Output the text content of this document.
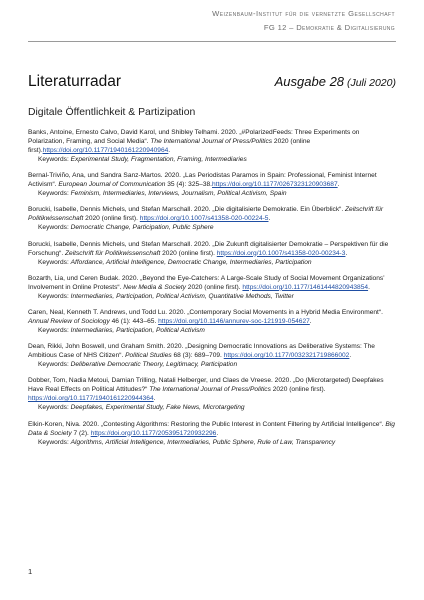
Weizenbaum-Institut für die vernetzte Gesellschaft
FG 12 – Demokratie & Digitalisierung
Literaturradar	Ausgabe 28 (Juli 2020)
Digitale Öffentlichkeit & Partizipation
Banks, Antoine, Ernesto Calvo, David Karol, und Shibley Telhami. 2020. „#PolarizedFeeds: Three Experiments on Polarization, Framing, and Social Media“. The International Journal of Press/Politics 2020 (online first).https://doi.org/10.1177/1940161220940964.
Keywords: Experimental Study, Fragmentation, Framing, Intermediaries
Bernal-Triviño, Ana, und Sandra Sanz-Martos. 2020. „Las Periodistas Paramos in Spain: Professional, Feminist Internet Activism“. European Journal of Communication 35 (4): 325–38.https://doi.org/10.1177/0267323120903687.
Keywords: Feminism, Intermediaries, Interviews, Journalism, Political Activism, Spain
Borucki, Isabelle, Dennis Michels, und Stefan Marschall. 2020. „Die digitalisierte Demokratie. Ein Überblick“. Zeitschrift für Politikwissenschaft 2020 (online first). https://doi.org/10.1007/s41358-020-00224-5.
Keywords: Democratic Change, Participation, Public Sphere
Borucki, Isabelle, Dennis Michels, und Stefan Marschall. 2020. „Die Zukunft digitalisierter Demokratie – Perspektiven für die Forschung“. Zeitschrift für Politikwissenschaft 2020 (online first). https://doi.org/10.1007/s41358-020-00234-3.
Keywords: Affordance, Artificial Intelligence, Democratic Change, Intermediaries, Participation
Bozarth, Lia, und Ceren Budak. 2020. „Beyond the Eye-Catchers: A Large-Scale Study of Social Movement Organizations’ Involvement in Online Protests“. New Media & Society 2020 (online first). https://doi.org/10.1177/1461444820943854.
Keywords: Intermediaries, Participation, Political Activism, Quantitative Methods, Twitter
Caren, Neal, Kenneth T. Andrews, und Todd Lu. 2020. „Contemporary Social Movements in a Hybrid Media Environment“. Annual Review of Sociology 46 (1): 443–65. https://doi.org/10.1146/annurev-soc-121919-054627.
Keywords: Intermediaries, Participation, Political Activism
Dean, Rikki, John Boswell, und Graham Smith. 2020. „Designing Democratic Innovations as Deliberative Systems: The Ambitious Case of NHS Citizen“. Political Studies 68 (3): 689–709. https://doi.org/10.1177/0032321719866002.
Keywords: Deliberative Democratic Theory, Legitimacy, Participation
Dobber, Tom, Nadia Metoui, Damian Trilling, Natali Helberger, und Claes de Vreese. 2020. „Do (Microtargeted) Deepfakes Have Real Effects on Political Attitudes?“ The International Journal of Press/Politics 2020 (online first). https://doi.org/10.1177/1940161220944364.
Keywords: Deepfakes, Experimental Study, Fake News, Microtargeting
Elkin-Koren, Niva. 2020. „Contesting Algorithms: Restoring the Public Interest in Content Filtering by Artificial Intelligence“. Big Data & Society 7 (2). https://doi.org/10.1177/2053951720932296.
Keywords: Algorithms, Artificial Intelligence, Intermediaries, Public Sphere, Rule of Law, Transparency
1
